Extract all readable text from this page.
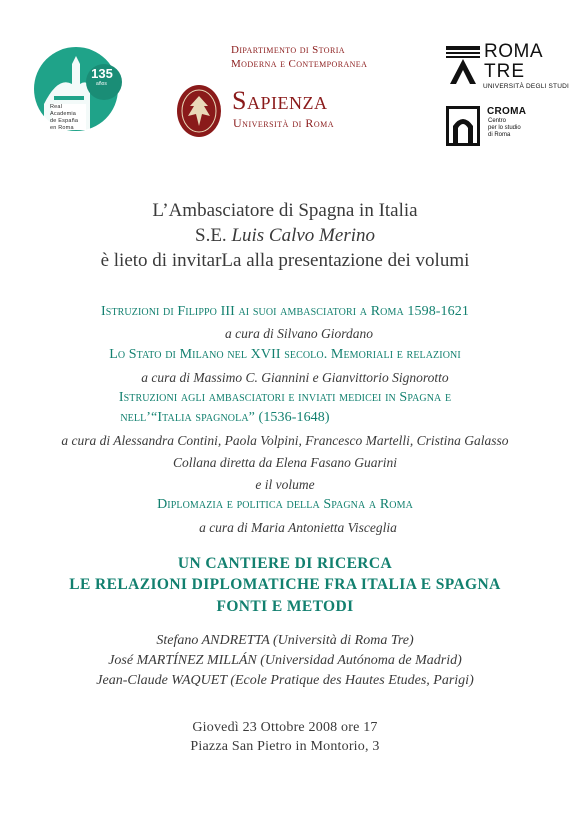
135
años
Real
Academia
de España
en Roma
Dipartimento di Storia
Moderna e Contemporanea
Sapienza
Università di Roma
ROMA
TRE
UNIVERSITÀ DEGLI STUDI
CROMA
Centro
per lo studio
di Roma
L’Ambasciatore di Spagna in Italia
S.E. Luis Calvo Merino
è lieto di invitarLa alla presentazione dei volumi
Istruzioni di Filippo III ai suoi ambasciatori a Roma 1598-1621
a cura di Silvano Giordano
Lo Stato di Milano nel XVII secolo. Memoriali e relazioni
a cura di Massimo C. Giannini e Gianvittorio Signorotto
Istruzioni agli ambasciatori e inviati medicei in Spagna e
nell’“Italia spagnola” (1536-1648)
a cura di Alessandra Contini, Paola Volpini, Francesco Martelli, Cristina Galasso
Collana diretta da Elena Fasano Guarini
e il volume
Diplomazia e politica della Spagna a Roma
a cura di Maria Antonietta Visceglia
UN CANTIERE DI RICERCA
LE RELAZIONI DIPLOMATICHE FRA ITALIA E SPAGNA
FONTI E METODI
Stefano ANDRETTA (Università di Roma Tre)
José MARTÍNEZ MILLÁN (Universidad Autónoma de Madrid)
Jean-Claude WAQUET (Ecole Pratique des Hautes Etudes, Parigi)
Giovedì 23 Ottobre 2008 ore 17
Piazza San Pietro in Montorio, 3
